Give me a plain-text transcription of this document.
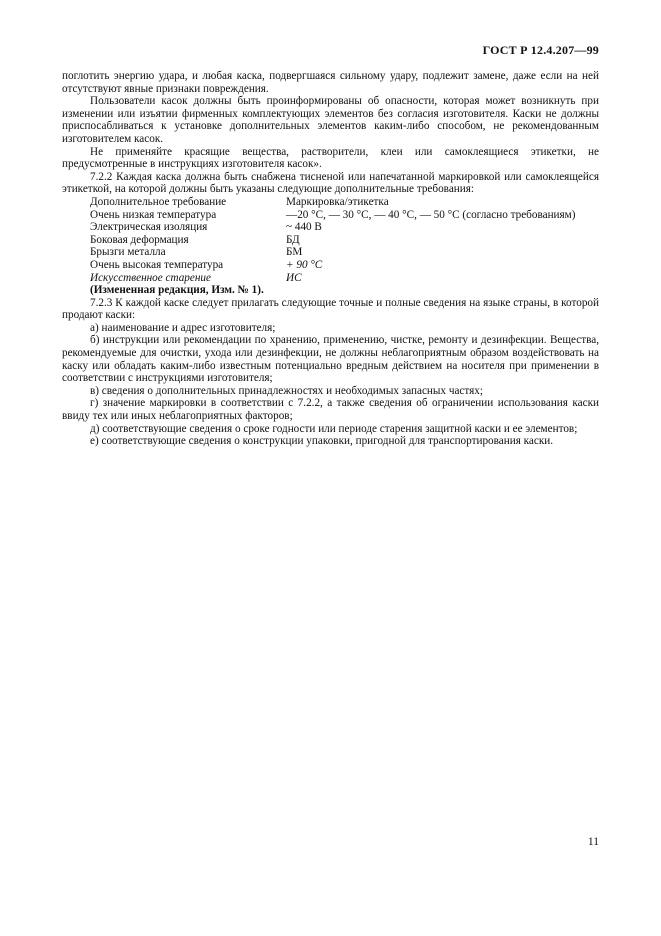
ГОСТ Р 12.4.207—99

поглотить энергию удара, и любая каска, подвергшаяся сильному удару, подлежит замене, даже если на ней отсутствуют явные признаки повреждения.

Пользователи касок должны быть проинформированы об опасности, которая может возникнуть при изменении или изъятии фирменных комплектующих элементов без согласия изготовителя. Каски не должны приспосабливаться к установке дополнительных элементов каким-либо способом, не рекомендованным изготовителем касок.

Не применяйте красящие вещества, растворители, клеи или самоклеящиеся этикетки, не предусмотренные в инструкциях изготовителя касок».

7.2.2 Каждая каска должна быть снабжена тисненой или напечатанной маркировкой или самоклеящейся этикеткой, на которой должны быть указаны следующие дополнительные требования:

Дополнительное требование	Маркировка/этикетка
Очень низкая температура	—20 °С, — 30 °С, — 40 °С, — 50 °С (согласно требованиям)
Электрическая изоляция	~ 440 В
Боковая деформация	БД
Брызги металла	БМ
Очень высокая температура	+ 90 °С
Искусственное старение	ИС

(Измененная редакция, Изм. № 1).

7.2.3 К каждой каске следует прилагать следующие точные и полные сведения на языке страны, в которой продают каски:

а) наименование и адрес изготовителя;

б) инструкции или рекомендации по хранению, применению, чистке, ремонту и дезинфекции. Вещества, рекомендуемые для очистки, ухода или дезинфекции, не должны неблагоприятным образом воздействовать на каску или обладать каким-либо известным потенциально вредным действием на носителя при применении в соответствии с инструкциями изготовителя;

в) сведения о дополнительных принадлежностях и необходимых запасных частях;

г) значение маркировки в соответствии с 7.2.2, а также сведения об ограничении использования каски ввиду тех или иных неблагоприятных факторов;

д) соответствующие сведения о сроке годности или периоде старения защитной каски и ее элементов;

е) соответствующие сведения о конструкции упаковки, пригодной для транспортирования каски.

11
